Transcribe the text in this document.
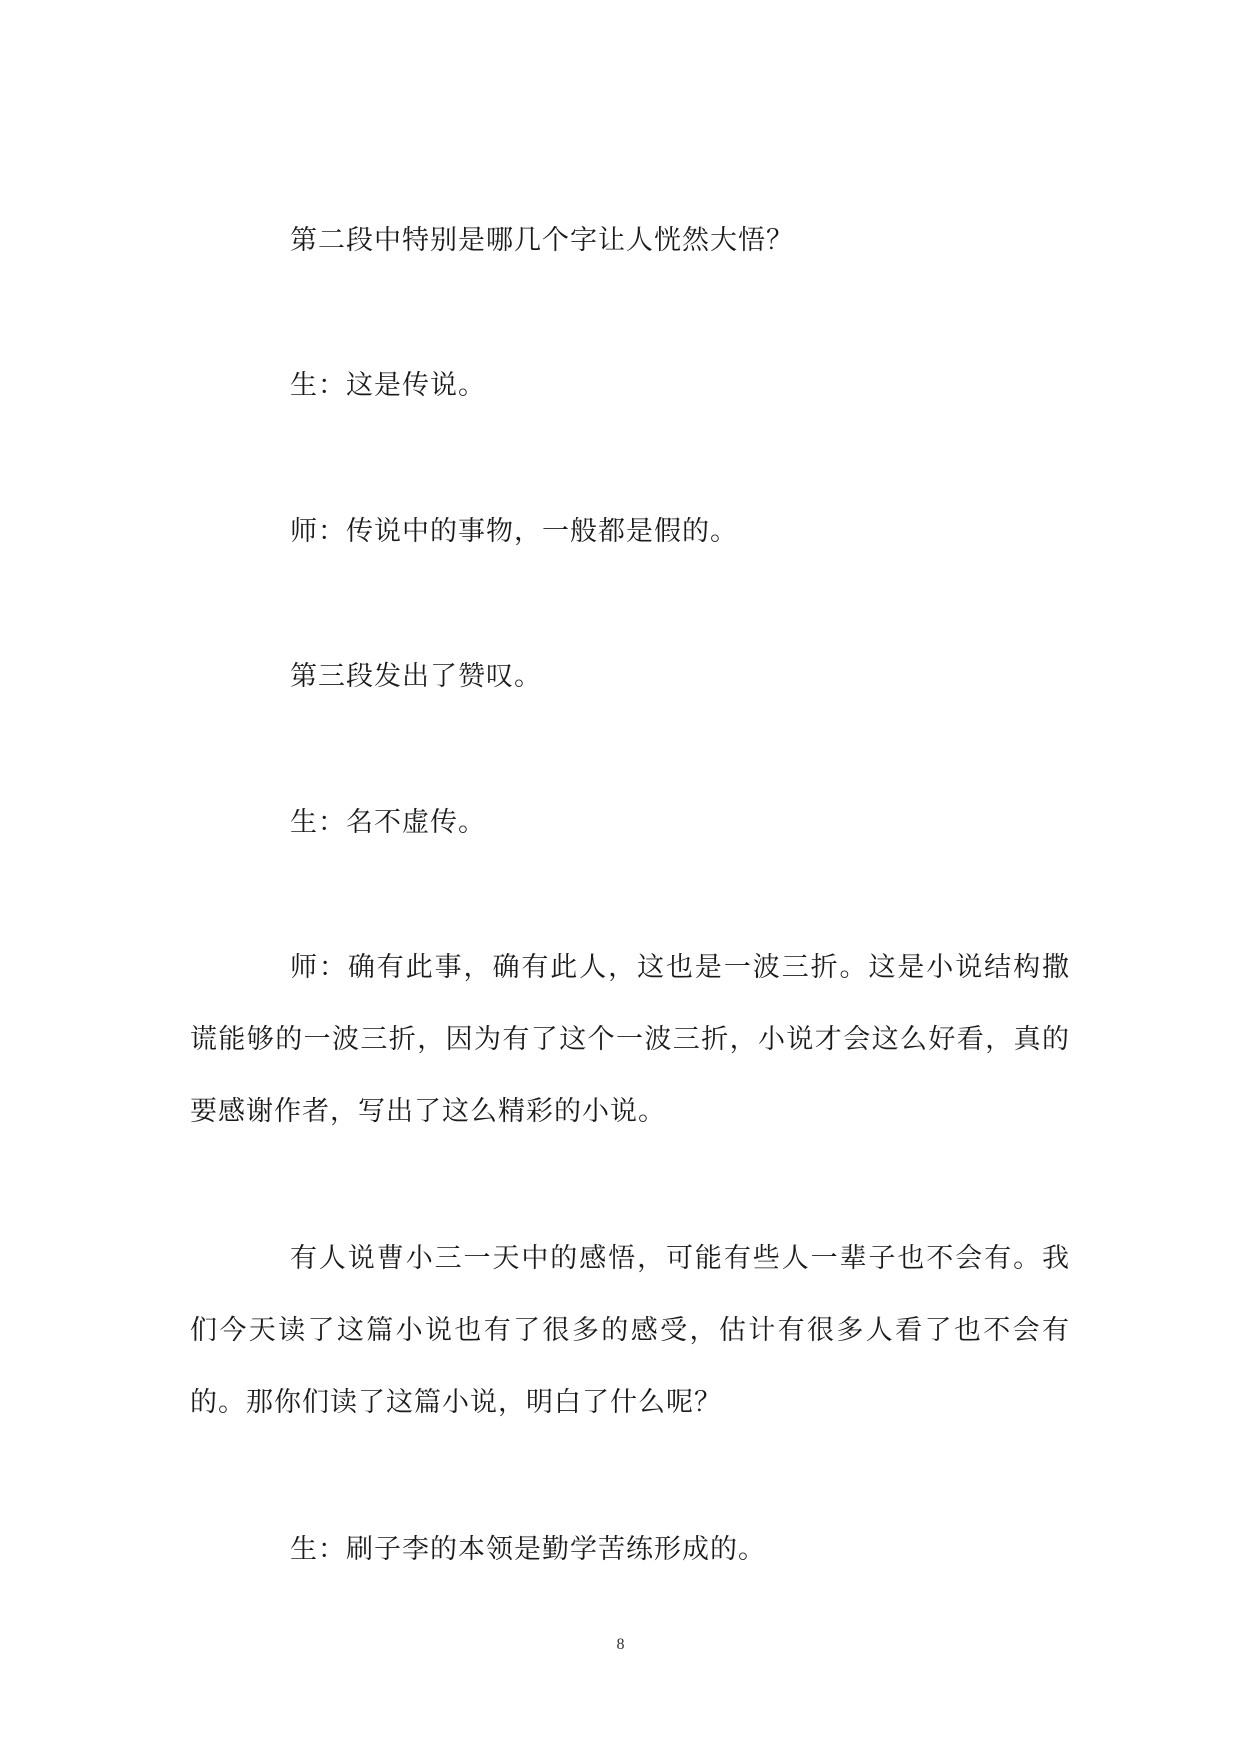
第二段中特别是哪几个字让人恍然大悟？

生：这是传说。

师：传说中的事物，一般都是假的。

第三段发出了赞叹。

生：名不虚传。

师：确有此事，确有此人，这也是一波三折。这是小说结构撒谎能够的一波三折，因为有了这个一波三折，小说才会这么好看，真的要感谢作者，写出了这么精彩的小说。

有人说曹小三一天中的感悟，可能有些人一辈子也不会有。我们今天读了这篇小说也有了很多的感受，估计有很多人看了也不会有的。那你们读了这篇小说，明白了什么呢？

生：刷子李的本领是勤学苦练形成的。

8
